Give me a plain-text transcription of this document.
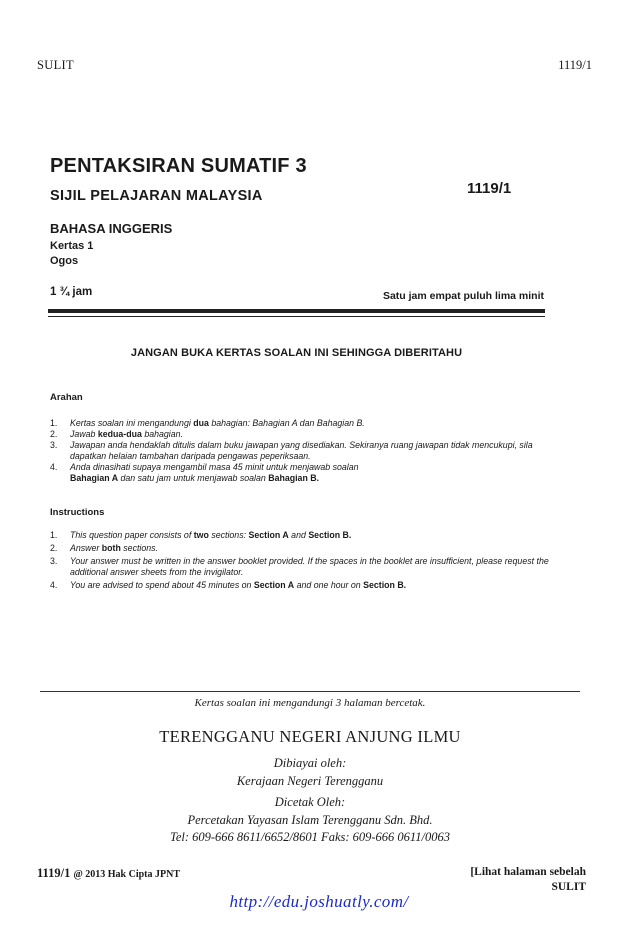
SULIT	1119/1
PENTAKSIRAN SUMATIF 3
SIJIL PELAJARAN MALAYSIA	1119/1
BAHASA INGGERIS
Kertas 1
Ogos
1 ¾ jam	Satu jam empat puluh lima minit
JANGAN BUKA KERTAS SOALAN INI SEHINGGA DIBERITAHU
Arahan
1. Kertas soalan ini mengandungi dua bahagian: Bahagian A dan Bahagian B.
2. Jawab kedua-dua bahagian.
3. Jawapan anda hendaklah ditulis dalam buku jawapan yang disediakan. Sekiranya ruang jawapan tidak mencukupi, sila dapatkan helaian tambahan daripada pengawas peperiksaan.
4. Anda dinasihati supaya mengambil masa 45 minit untuk menjawab soalan
Bahagian A dan satu jam untuk menjawab soalan Bahagian B.
Instructions
1. This question paper consists of two sections: Section A and Section B.
2. Answer both sections.
3. Your answer must be written in the answer booklet provided. If the spaces in the booklet are insufficient, please request the additional answer sheets from the invigilator.
4. You are advised to spend about 45 minutes on Section A and one hour on Section B.
Kertas soalan ini mengandungi 3 halaman bercetak.
TERENGGANU NEGERI ANJUNG ILMU
Dibiayai oleh:
Kerajaan Negeri Terengganu
Dicetak Oleh:
Percetakan Yayasan Islam Terengganu Sdn. Bhd.
Tel: 609-666 8611/6652/8601 Faks: 609-666 0611/0063
1119/1 @ 2013 Hak Cipta JPNT	[Lihat halaman sebelah
SULIT
http://edu.joshuatly.com/
